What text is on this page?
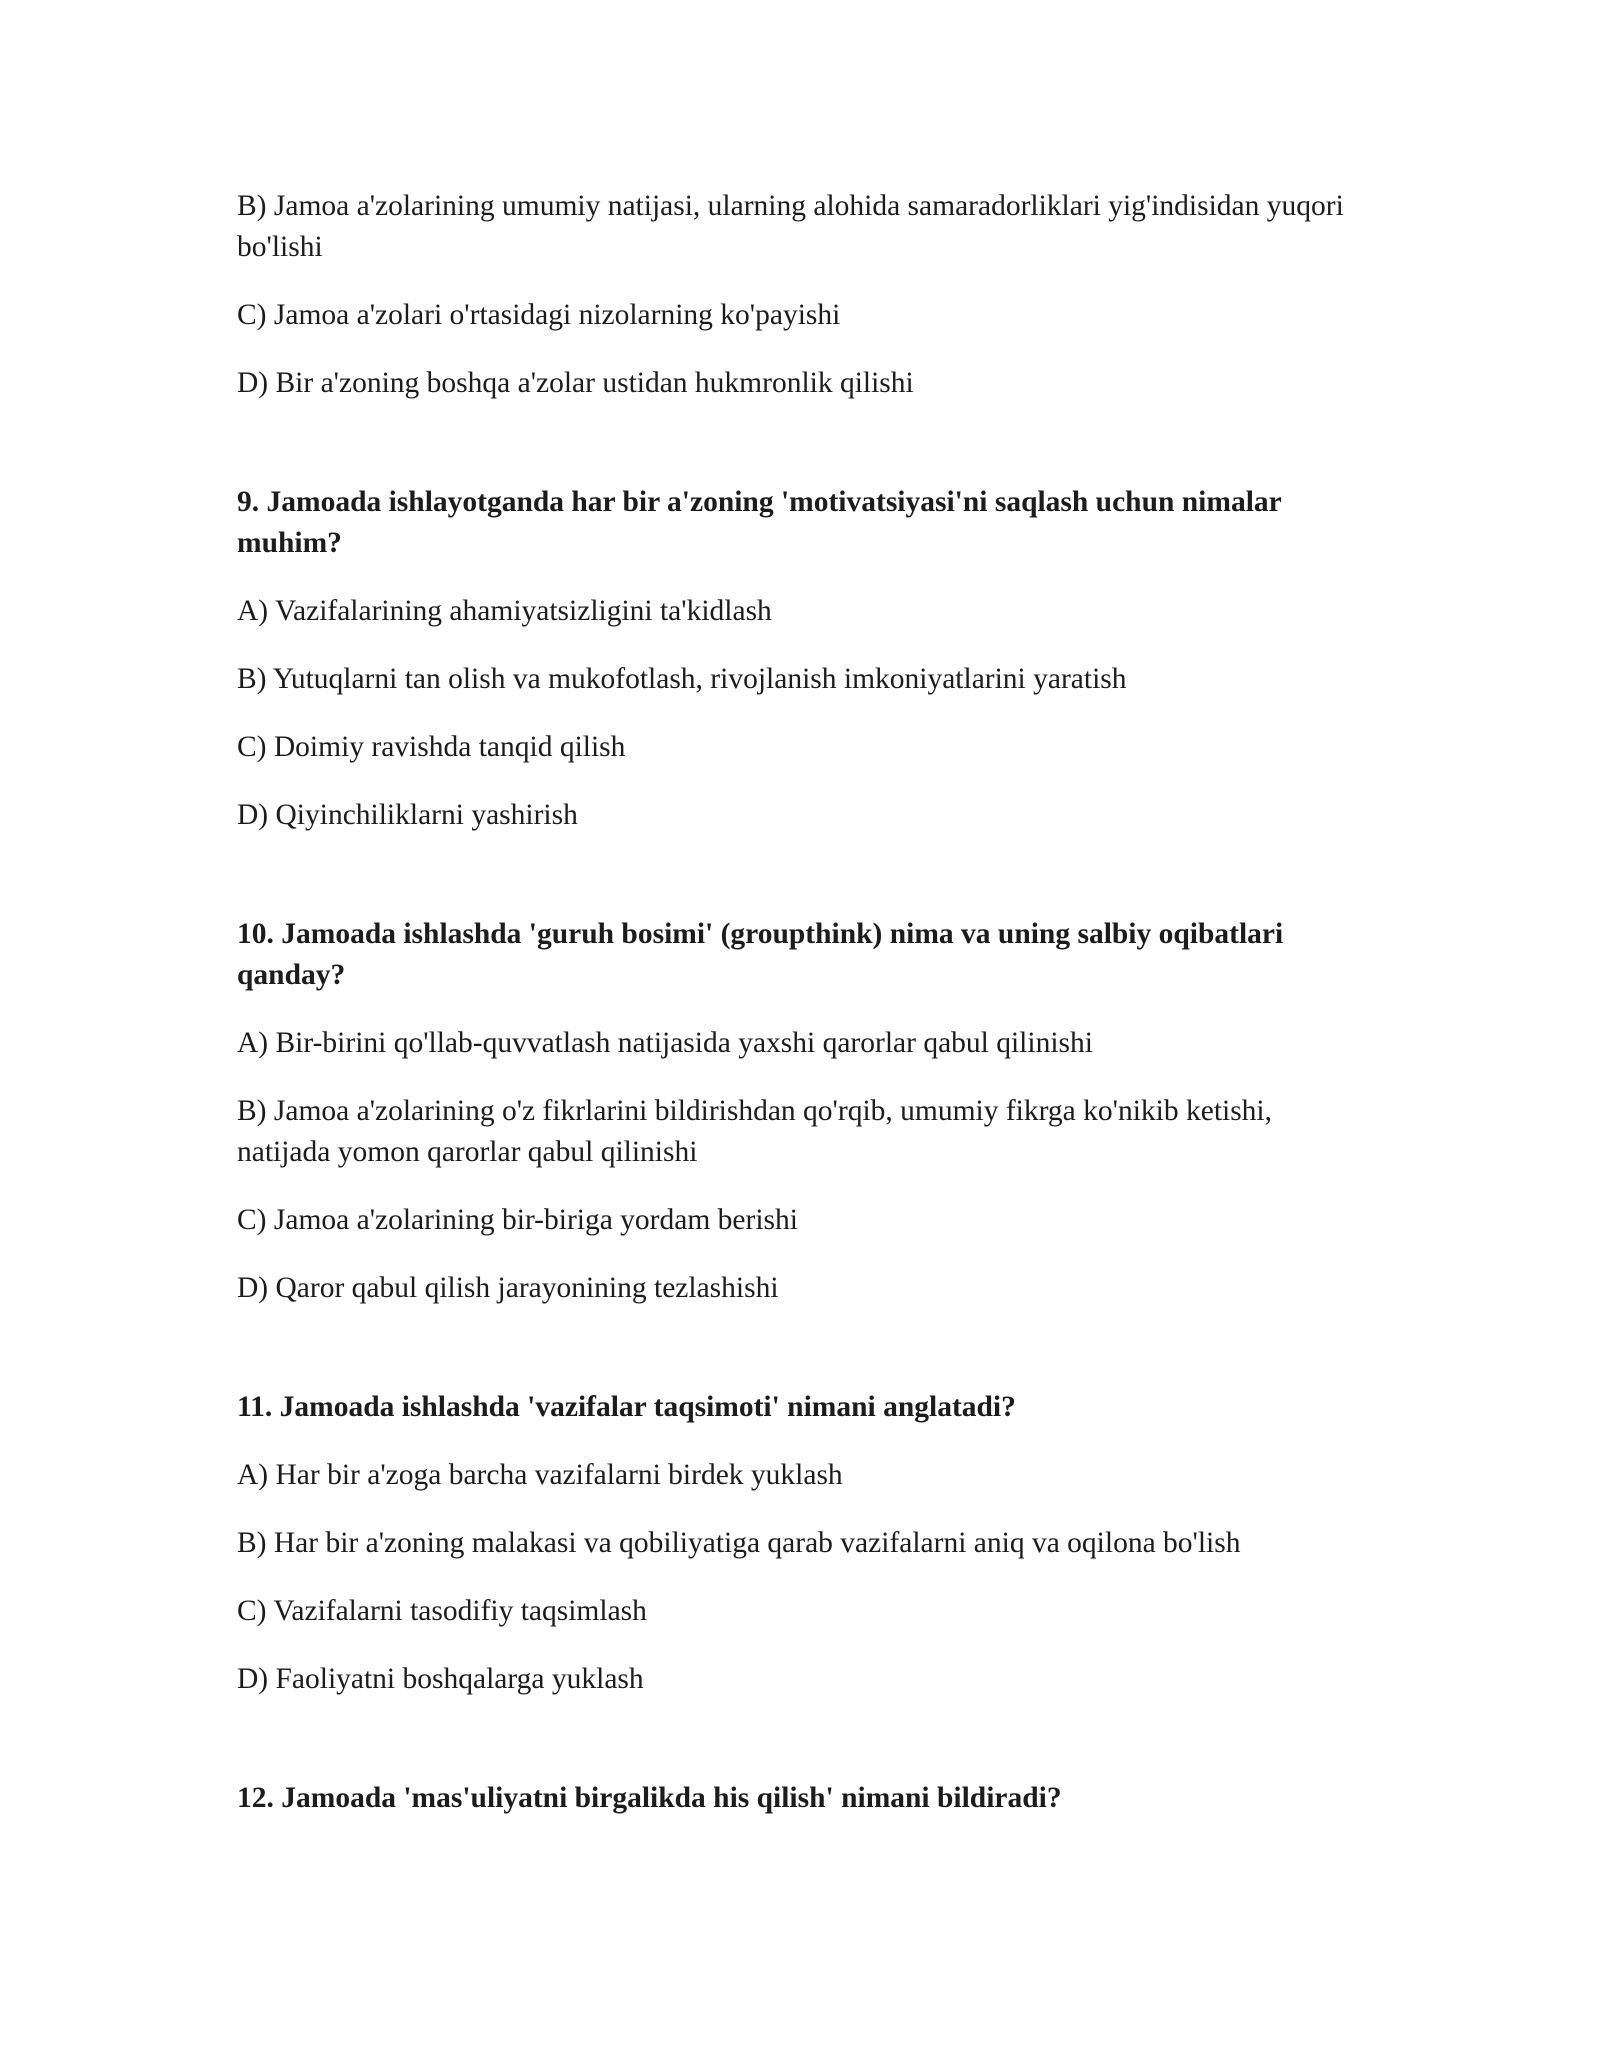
B) Jamoa a'zolarining umumiy natijasi, ularning alohida samaradorliklari yig'indisidan yuqori bo'lishi

C) Jamoa a'zolari o'rtasidagi nizolarning ko'payishi

D) Bir a'zoning boshqa a'zolar ustidan hukmronlik qilishi

9. Jamoada ishlayotganda har bir a'zoning 'motivatsiyasi'ni saqlash uchun nimalar muhim?

A) Vazifalarining ahamiyatsizligini ta'kidlash

B) Yutuqlarni tan olish va mukofotlash, rivojlanish imkoniyatlarini yaratish

C) Doimiy ravishda tanqid qilish

D) Qiyinchiliklarni yashirish

10. Jamoada ishlashda 'guruh bosimi' (groupthink) nima va uning salbiy oqibatlari qanday?

A) Bir-birini qo'llab-quvvatlash natijasida yaxshi qarorlar qabul qilinishi

B) Jamoa a'zolarining o'z fikrlarini bildirishdan qo'rqib, umumiy fikrga ko'nikib ketishi, natijada yomon qarorlar qabul qilinishi

C) Jamoa a'zolarining bir-biriga yordam berishi

D) Qaror qabul qilish jarayonining tezlashishi

11. Jamoada ishlashda 'vazifalar taqsimoti' nimani anglatadi?

A) Har bir a'zoga barcha vazifalarni birdek yuklash

B) Har bir a'zoning malakasi va qobiliyatiga qarab vazifalarni aniq va oqilona bo'lish

C) Vazifalarni tasodifiy taqsimlash

D) Faoliyatni boshqalarga yuklash

12. Jamoada 'mas'uliyatni birgalikda his qilish' nimani bildiradi?
